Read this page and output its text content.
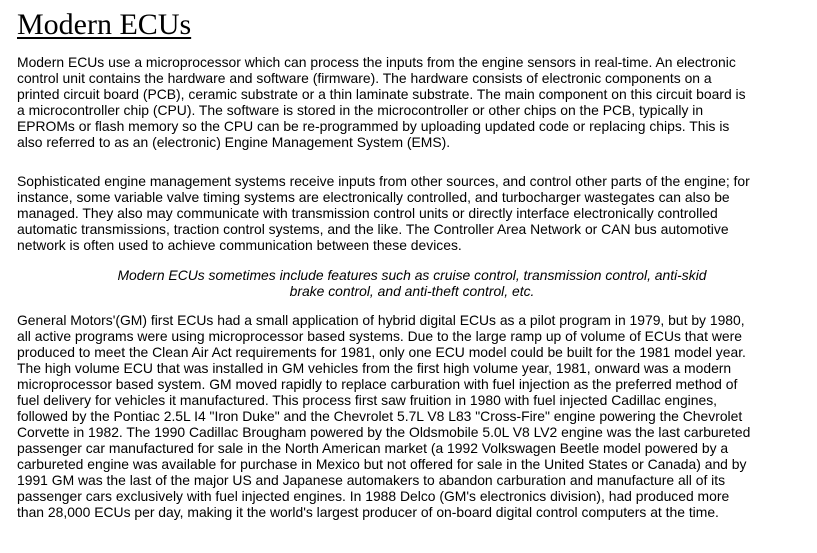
Modern ECUs

Modern ECUs use a microprocessor which can process the inputs from the engine sensors in real-time. An electronic
control unit contains the hardware and software (firmware). The hardware consists of electronic components on a
printed circuit board (PCB), ceramic substrate or a thin laminate substrate. The main component on this circuit board is
a microcontroller chip (CPU). The software is stored in the microcontroller or other chips on the PCB, typically in
EPROMs or flash memory so the CPU can be re-programmed by uploading updated code or replacing chips. This is
also referred to as an (electronic) Engine Management System (EMS).

Sophisticated engine management systems receive inputs from other sources, and control other parts of the engine; for
instance, some variable valve timing systems are electronically controlled, and turbocharger wastegates can also be
managed. They also may communicate with transmission control units or directly interface electronically controlled
automatic transmissions, traction control systems, and the like. The Controller Area Network or CAN bus automotive
network is often used to achieve communication between these devices.

Modern ECUs sometimes include features such as cruise control, transmission control, anti-skid
brake control, and anti-theft control, etc.

General Motors'(GM) first ECUs had a small application of hybrid digital ECUs as a pilot program in 1979, but by 1980,
all active programs were using microprocessor based systems. Due to the large ramp up of volume of ECUs that were
produced to meet the Clean Air Act requirements for 1981, only one ECU model could be built for the 1981 model year.
The high volume ECU that was installed in GM vehicles from the first high volume year, 1981, onward was a modern
microprocessor based system. GM moved rapidly to replace carburation with fuel injection as the preferred method of
fuel delivery for vehicles it manufactured. This process first saw fruition in 1980 with fuel injected Cadillac engines,
followed by the Pontiac 2.5L I4 "Iron Duke" and the Chevrolet 5.7L V8 L83 "Cross-Fire" engine powering the Chevrolet
Corvette in 1982. The 1990 Cadillac Brougham powered by the Oldsmobile 5.0L V8 LV2 engine was the last carbureted
passenger car manufactured for sale in the North American market (a 1992 Volkswagen Beetle model powered by a
carbureted engine was available for purchase in Mexico but not offered for sale in the United States or Canada) and by
1991 GM was the last of the major US and Japanese automakers to abandon carburation and manufacture all of its
passenger cars exclusively with fuel injected engines. In 1988 Delco (GM's electronics division), had produced more
than 28,000 ECUs per day, making it the world's largest producer of on-board digital control computers at the time.
